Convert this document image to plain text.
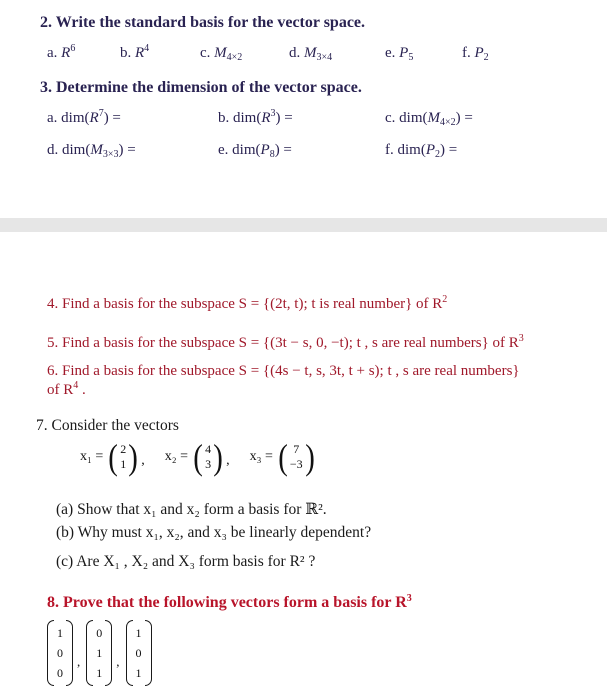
2. Write the standard basis for the vector space.
a. $R^6$	b. $R^4$	c. $M_{4\times 2}$	d. $M_{3\times 4}$	e. $P_5$	f. $P_2$
3. Determine the dimension of the vector space.
a. $dim(R^7)$ =	b. $dim(R^3)$ =	c. $dim(M_{4\times 2})$ =
d. $dim(M_{3\times 3})$ =	e. $dim(P_8)$ =	f. $dim(P_2)$ =
4. Find a basis for the subspace S = {(2t, t); t is real number} of $R^2$
5. Find a basis for the subspace S = {(3t − s, 0, −t); t , s are real numbers} of $R^3$
6. Find a basis for the subspace S = {(4s − t, s, 3t, t + s); t , s are real numbers}
of $R^4$ .
7. Consider the vectors
x₁ = ( 2
1 ) , x₂ = ( 4
3 ) , x₃ = ( 7
−3 )
(a) Show that x₁ and x₂ form a basis for ℝ².
(b) Why must x₁, x₂, and x₃ be linearly dependent?
(c) Are X₁ , X₂ and X₃ form basis for R² ?
8. Prove that the following vectors form a basis for $R^3$
1
0
0
,
0
1
1
,
1
0
1
